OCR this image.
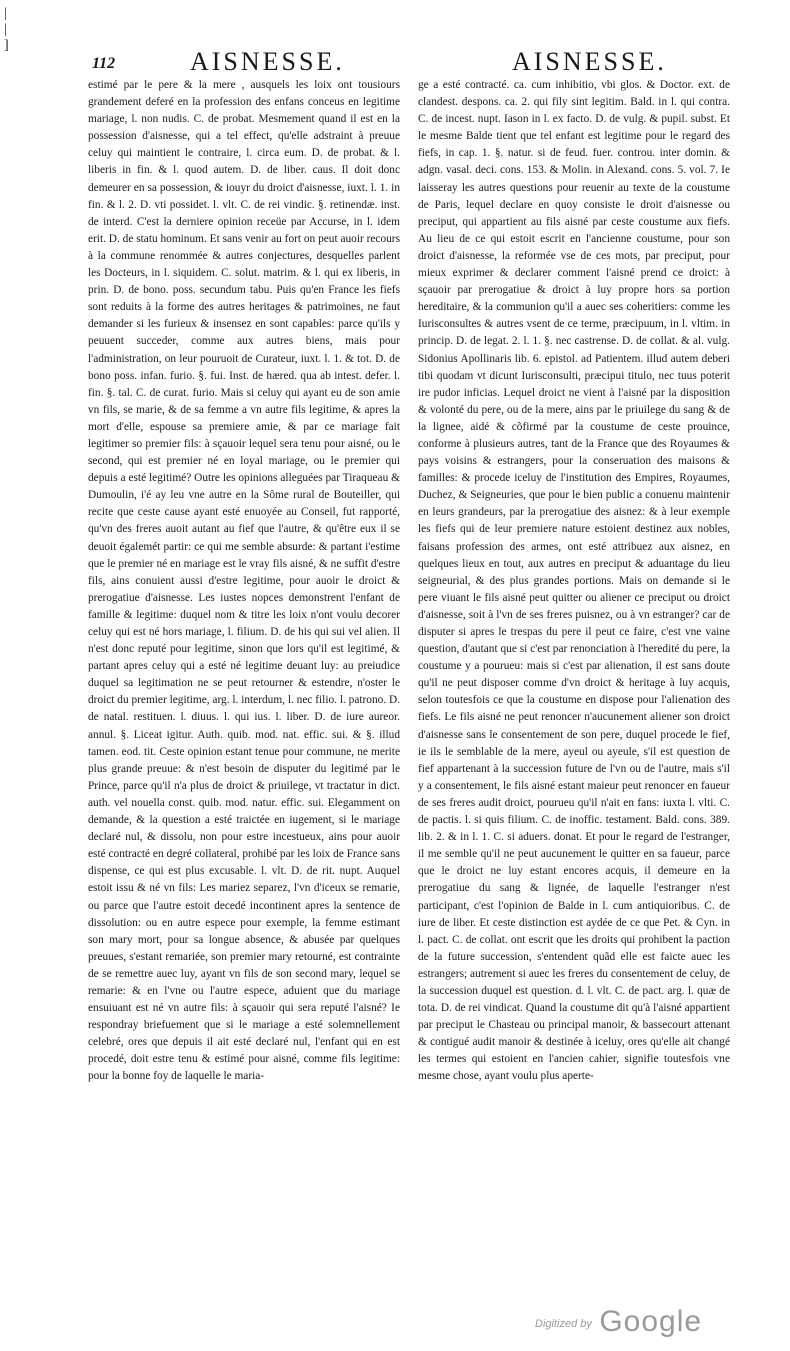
|
|
]
112	AISNESSE.	AISNESSE.

estimé par le pere & la mere , ausquels les loix ont tousiours grandement deferé en la profession des enfans conceus en legitime mariage, l. non nudis. C. de probat. Mesmement quand il est en la possession d'aisnesse, qui a tel effect, qu'elle adstraint à preuue celuy qui maintient le contraire, l. circa eum. D. de probat. & l. liberis in fin. & l. quod autem. D. de liber. caus. Il doit donc demeurer en sa possession, & iouyr du droict d'aisnesse, iuxt. l. 1. in fin. & l. 2. D. vti possidet. l. vlt. C. de rei vindic. §. retinendæ. inst. de interd. C'est la derniere opinion receüe par Accurse, in l. idem erit. D. de statu hominum. Et sans venir au fort on peut auoir recours à la commune renommée & autres conjectures, desquelles parlent les Docteurs, in l. siquidem. C. solut. matrim. & l. qui ex liberis, in prin. D. de bono. poss. secundum tabu. Puis qu'en France les fiefs sont reduits à la forme des autres heritages & patrimoines, ne faut demander si les furieux & insensez en sont capables: parce qu'ils y peuuent succeder, comme aux autres biens, mais pour l'administration, on leur pouruoit de Curateur, iuxt. l. 1. & tot. D. de bono poss. infan. furio. §. fui. Inst. de hæred. qua ab intest. defer. l. fin. §. tal. C. de curat. furio. Mais si celuy qui ayant eu de son amie vn fils, se marie, & de sa femme a vn autre fils legitime, & apres la mort d'elle, espouse sa premiere amie, & par ce mariage fait legitimer so premier fils: à sçauoir lequel sera tenu pour aisné, ou le second, qui est premier né en loyal mariage, ou le premier qui depuis a esté legitimé? Outre les opinions alleguées par Tiraqueau & Dumoulin, i'é ay leu vne autre en la Sôme rural de Bouteiller, qui recite que ceste cause ayant esté enuoyée au Conseil, fut rapporté, qu'vn des freres auoit autant au fief que l'autre, & qu'être eux il se deuoit égalemét partir: ce qui me semble absurde: & partant i'estime que le premier né en mariage est le vray fils aisné, & ne suffit d'estre fils, ains conuient aussi d'estre legitime, pour auoir le droict & prerogatiue d'aisnesse. Les iustes nopces demonstrent l'enfant de famille & legitime: duquel nom & titre les loix n'ont voulu decorer celuy qui est né hors mariage, l. filium. D. de his qui sui vel alien. Il n'est donc reputé pour legitime, sinon que lors qu'il est legitimé, & partant apres celuy qui a esté né legitime deuant luy: au preiudice duquel sa legitimation ne se peut retourner & estendre, n'oster le droict du premier legitime, arg. l. interdum, l. nec filio. l. patrono. D. de natal. restituen. l. diuus. l. qui ius. l. liber. D. de iure aureor. annul. §. Liceat igitur. Auth. quib. mod. nat. effic. sui. & §. illud tamen. eod. tit. Ceste opinion estant tenue pour commune, ne merite plus grande preuue: & n'est besoin de disputer du legitimé par le Prince, parce qu'il n'a plus de droict & priuilege, vt tractatur in dict. auth. vel nouella const. quib. mod. natur. effic. sui. Elegamment on demande, & la question a esté traictée en iugement, si le mariage declaré nul, & dissolu, non pour estre incestueux, ains pour auoir esté contracté en degré collateral, prohibé par les loix de France sans dispense, ce qui est plus excusable. l. vlt. D. de rit. nupt. Auquel estoit issu & né vn fils: Les mariez separez, l'vn d'iceux se remarie, ou parce que l'autre estoit decedé incontinent apres la sentence de dissolution: ou en autre espece pour exemple, la femme estimant son mary mort, pour sa longue absence, & abusée par quelques preuues, s'estant remariée, son premier mary retourné, est contrainte de se remettre auec luy, ayant vn fils de son second mary, lequel se remarie: & en l'vne ou l'autre espece, aduient que du mariage ensuiuant est né vn autre fils: à sçauoir qui sera reputé l'aisné? Ie respondray briefuement que si le mariage a esté solemnellement celebré, ores que depuis il ait esté declaré nul, l'enfant qui en est procedé, doit estre tenu & estimé pour aisné, comme fils legitime: pour la bonne foy de laquelle le maria-

ge a esté contracté. ca. cum inhibitio, vbi glos. & Doctor. ext. de clandest. despons. ca. 2. qui fily sint legitim. Bald. in l. qui contra. C. de incest. nupt. Iason in l. ex facto. D. de vulg. & pupil. subst. Et le mesme Balde tient que tel enfant est legitime pour le regard des fiefs, in cap. 1. §. natur. si de feud. fuer. controu. inter domin. & adgn. vasal. deci. cons. 153. & Molin. in Alexand. cons. 5. vol. 7. Ie laisseray les autres questions pour reuenir au texte de la coustume de Paris, lequel declare en quoy consiste le droit d'aisnesse ou preciput, qui appartient au fils aisné par ceste coustume aux fiefs. Au lieu de ce qui estoit escrit en l'ancienne coustume, pour son droict d'aisnesse, la reformée vse de ces mots, par preciput, pour mieux exprimer & declarer comment l'aisné prend ce droict: à sçauoir par prerogatiue & droict à luy propre hors sa portion hereditaire, & la communion qu'il a auec ses coheritiers: comme les Iurisconsultes & autres vsent de ce terme, præcipuum, in l. vltim. in princip. D. de legat. 2. l. 1. §. nec castrense. D. de collat. & al. vulg. Sidonius Apollinaris lib. 6. epistol. ad Patientem. illud autem deberi tibi quodam vt dicunt Iurisconsulti, præcipui titulo, nec tuus poterit ire pudor inficias. Lequel droict ne vient à l'aisné par la disposition & volonté du pere, ou de la mere, ains par le priuilege du sang & de la lignee, aidé & cõfirmé par la coustume de ceste prouince, conforme à plusieurs autres, tant de la France que des Royaumes & pays voisins & estrangers, pour la conseruation des maisons & familles: & procede iceluy de l'institution des Empires, Royaumes, Duchez, & Seigneuries, que pour le bien public a conuenu maintenir en leurs grandeurs, par la prerogatiue des aisnez: & à leur exemple les fiefs qui de leur premiere nature estoient destinez aux nobles, faisans profession des armes, ont esté attribuez aux aisnez, en quelques lieux en tout, aux autres en preciput & aduantage du lieu seigneurial, & des plus grandes portions. Mais on demande si le pere viuant le fils aisné peut quitter ou aliener ce preciput ou droict d'aisnesse, soit à l'vn de ses freres puisnez, ou à vn estranger? car de disputer si apres le trespas du pere il peut ce faire, c'est vne vaine question, d'autant que si c'est par renonciation à l'heredité du pere, la coustume y a pourueu: mais si c'est par alienation, il est sans doute qu'il ne peut disposer comme d'vn droict & heritage à luy acquis, selon toutesfois ce que la coustume en dispose pour l'alienation des fiefs. Le fils aisné ne peut renoncer n'aucunement aliener son droict d'aisnesse sans le consentement de son pere, duquel procede le fief, ie ils le semblable de la mere, ayeul ou ayeule, s'il est question de fief appartenant à la succession future de l'vn ou de l'autre, mais s'il y a consentement, le fils aisné estant maieur peut renoncer en faueur de ses freres audit droict, pourueu qu'il n'ait en fans: iuxta l. vlti. C. de pactis. l. si quis filium. C. de inoffic. testament. Bald. cons. 389. lib. 2. & in l. 1. C. si aduers. donat. Et pour le regard de l'estranger, il me semble qu'il ne peut aucunement le quitter en sa faueur, parce que le droict ne luy estant encores acquis, il demeure en la prerogatiue du sang & lignée, de laquelle l'estranger n'est participant, c'est l'opinion de Balde in l. cum antiquioribus. C. de iure de liber. Et ceste distinction est aydée de ce que Pet. & Cyn. in l. pact. C. de collat. ont escrit que les droits qui prohibent la paction de la future succession, s'entendent quãd elle est faicte auec les estrangers; autrement si auec les freres du consentement de celuy, de la succession duquel est question. d. l. vlt. C. de pact. arg. l. quæ de tota. D. de rei vindicat. Quand la coustume dit qu'à l'aisné appartient par preciput le Chasteau ou principal manoir, & bassecourt attenant & contigué audit manoir & destinée à iceluy, ores qu'elle ait changé les termes qui estoient en l'ancien cahier, signifie toutesfois vne mesme chose, ayant voulu plus aperte-

$^{Digitized by}$ Google
